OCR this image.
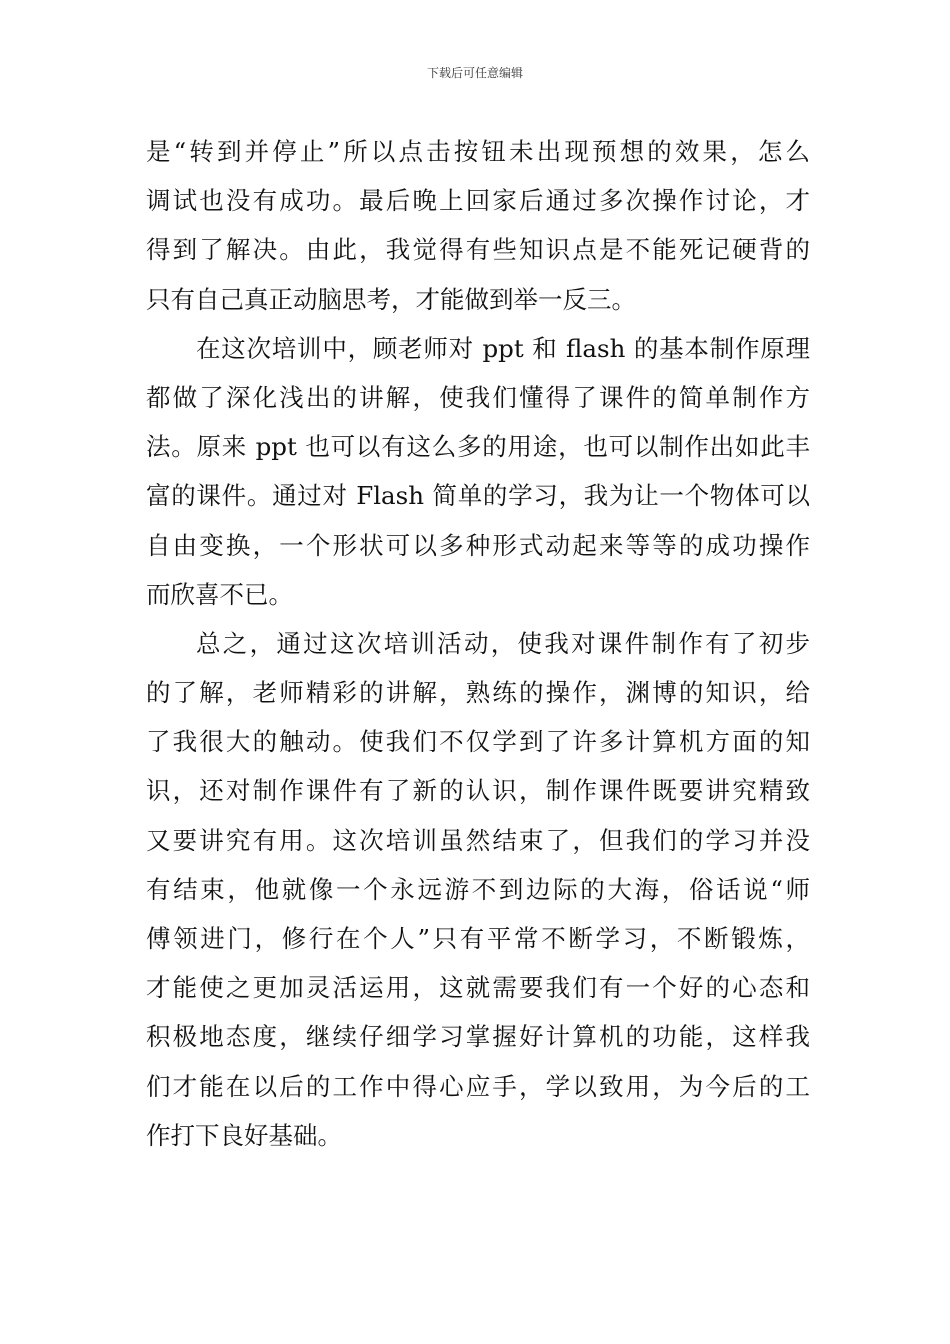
下载后可任意编辑
是“转到并停止”所以点击按钮未出现预想的效果，怎么
调试也没有成功。最后晚上回家后通过多次操作讨论，才
得到了解决。由此，我觉得有些知识点是不能死记硬背的
只有自己真正动脑思考，才能做到举一反三。
在这次培训中，顾老师对 ppt 和 flash 的基本制作原理
都做了深化浅出的讲解，使我们懂得了课件的简单制作方
法。原来 ppt 也可以有这么多的用途，也可以制作出如此丰
富的课件。通过对 Flash 简单的学习，我为让一个物体可以
自由变换，一个形状可以多种形式动起来等等的成功操作
而欣喜不已。
总之，通过这次培训活动，使我对课件制作有了初步
的了解，老师精彩的讲解，熟练的操作，渊博的知识，给
了我很大的触动。使我们不仅学到了许多计算机方面的知
识，还对制作课件有了新的认识，制作课件既要讲究精致
又要讲究有用。这次培训虽然结束了，但我们的学习并没
有结束，他就像一个永远游不到边际的大海，俗话说“师
傅领进门，修行在个人”只有平常不断学习，不断锻炼，
才能使之更加灵活运用，这就需要我们有一个好的心态和
积极地态度，继续仔细学习掌握好计算机的功能，这样我
们才能在以后的工作中得心应手，学以致用，为今后的工
作打下良好基础。
